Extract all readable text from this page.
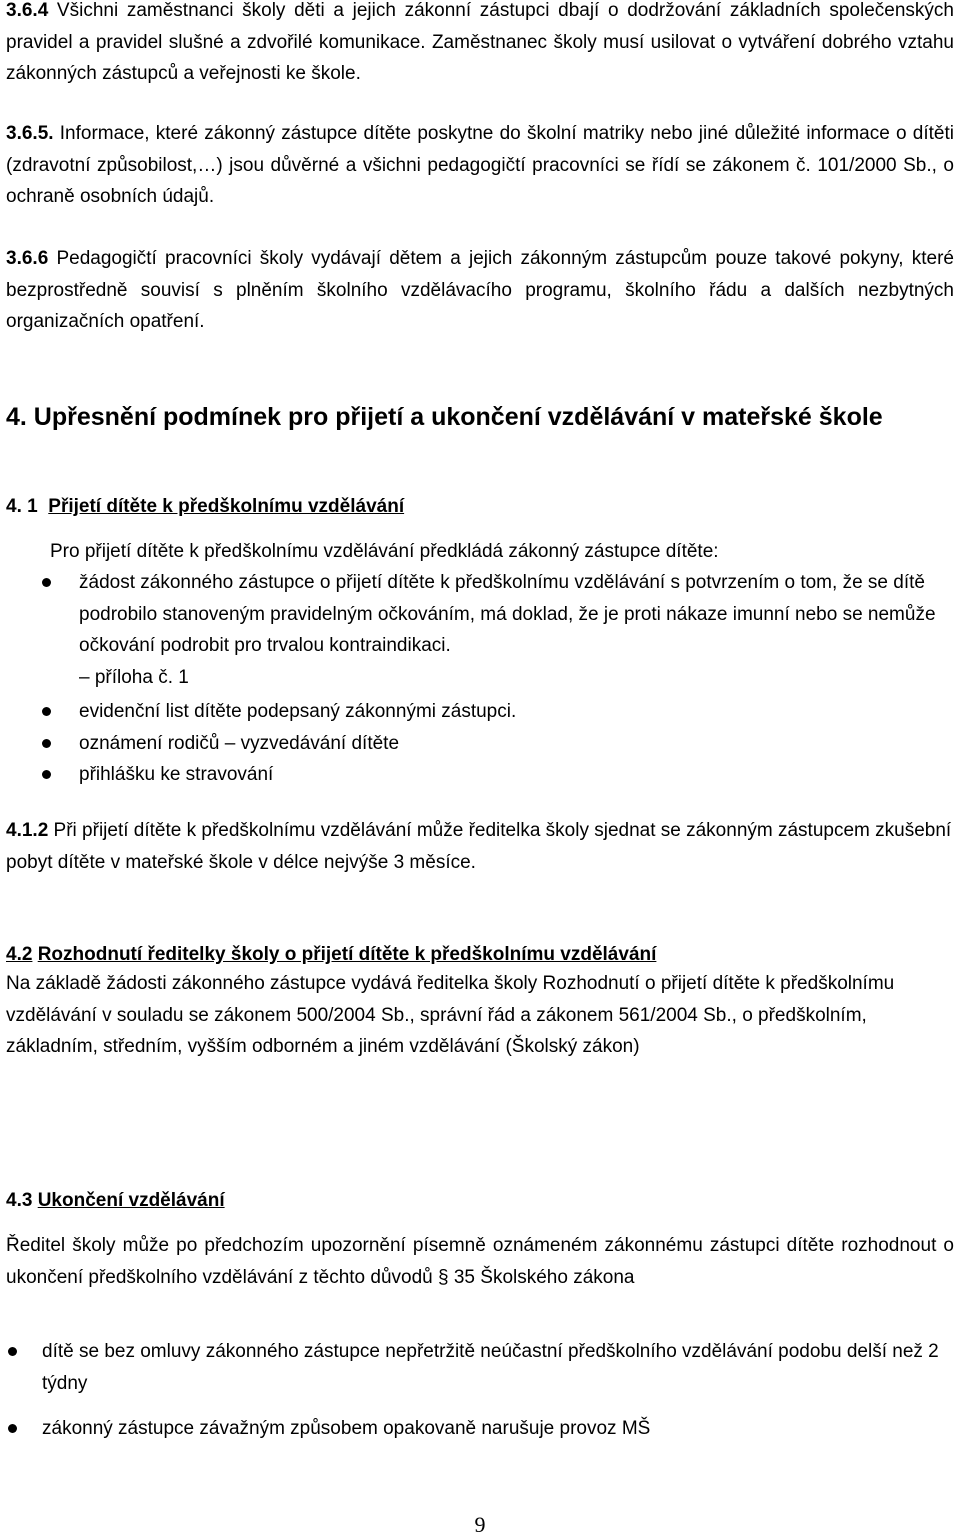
3.6.4 Všichni zaměstnanci školy děti a jejich zákonní zástupci dbají o dodržování základních společenských pravidel a pravidel slušné a zdvořilé komunikace. Zaměstnanec školy musí usilovat o vytváření dobrého vztahu zákonných zástupců a veřejnosti ke škole.
3.6.5. Informace, které zákonný zástupce dítěte poskytne do školní matriky nebo jiné důležité informace o dítěti (zdravotní způsobilost,…) jsou důvěrné a všichni pedagogičtí pracovníci se řídí se zákonem č. 101/2000 Sb., o ochraně osobních údajů.
3.6.6 Pedagogičtí pracovníci školy vydávají dětem a jejich zákonným zástupcům pouze takové pokyny, které bezprostředně souvisí s plněním školního vzdělávacího programu, školního řádu a dalších nezbytných organizačních opatření.
4. Upřesnění podmínek pro přijetí a ukončení vzdělávání v mateřské škole
4. 1 Přijetí dítěte k předškolnímu vzdělávání
Pro přijetí dítěte k předškolnímu vzdělávání předkládá zákonný zástupce dítěte:
žádost zákonného zástupce o přijetí dítěte k předškolnímu vzdělávání s potvrzením o tom, že se dítě podrobilo stanoveným pravidelným očkováním, má doklad, že je proti nákaze imunní nebo se nemůže očkování podrobit pro trvalou kontraindikaci.
– příloha č. 1
evidenční list dítěte podepsaný zákonnými zástupci.
oznámení rodičů – vyzvedávání dítěte
přihlášku ke stravování
4.1.2 Při přijetí dítěte k předškolnímu vzdělávání může ředitelka školy sjednat se zákonným zástupcem zkušební pobyt dítěte v mateřské škole v délce nejvýše 3 měsíce.
4.2 Rozhodnutí ředitelky školy o přijetí dítěte k předškolnímu vzdělávání
Na základě žádosti zákonného zástupce vydává ředitelka školy Rozhodnutí o přijetí dítěte k předškolnímu vzdělávání v souladu se zákonem 500/2004 Sb., správní řád a zákonem 561/2004 Sb., o předškolním, základním, středním, vyšším odborném a jiném vzdělávání (Školský zákon)
4.3 Ukončení vzdělávání
Ředitel školy může po předchozím upozornění písemně oznámeném zákonnému zástupci dítěte rozhodnout o ukončení předškolního vzdělávání z těchto důvodů § 35 Školského zákona
dítě se bez omluvy zákonného zástupce nepřetržitě neúčastní předškolního vzdělávání podobu delší než 2 týdny
zákonný zástupce závažným způsobem opakovaně narušuje provoz MŠ
9
